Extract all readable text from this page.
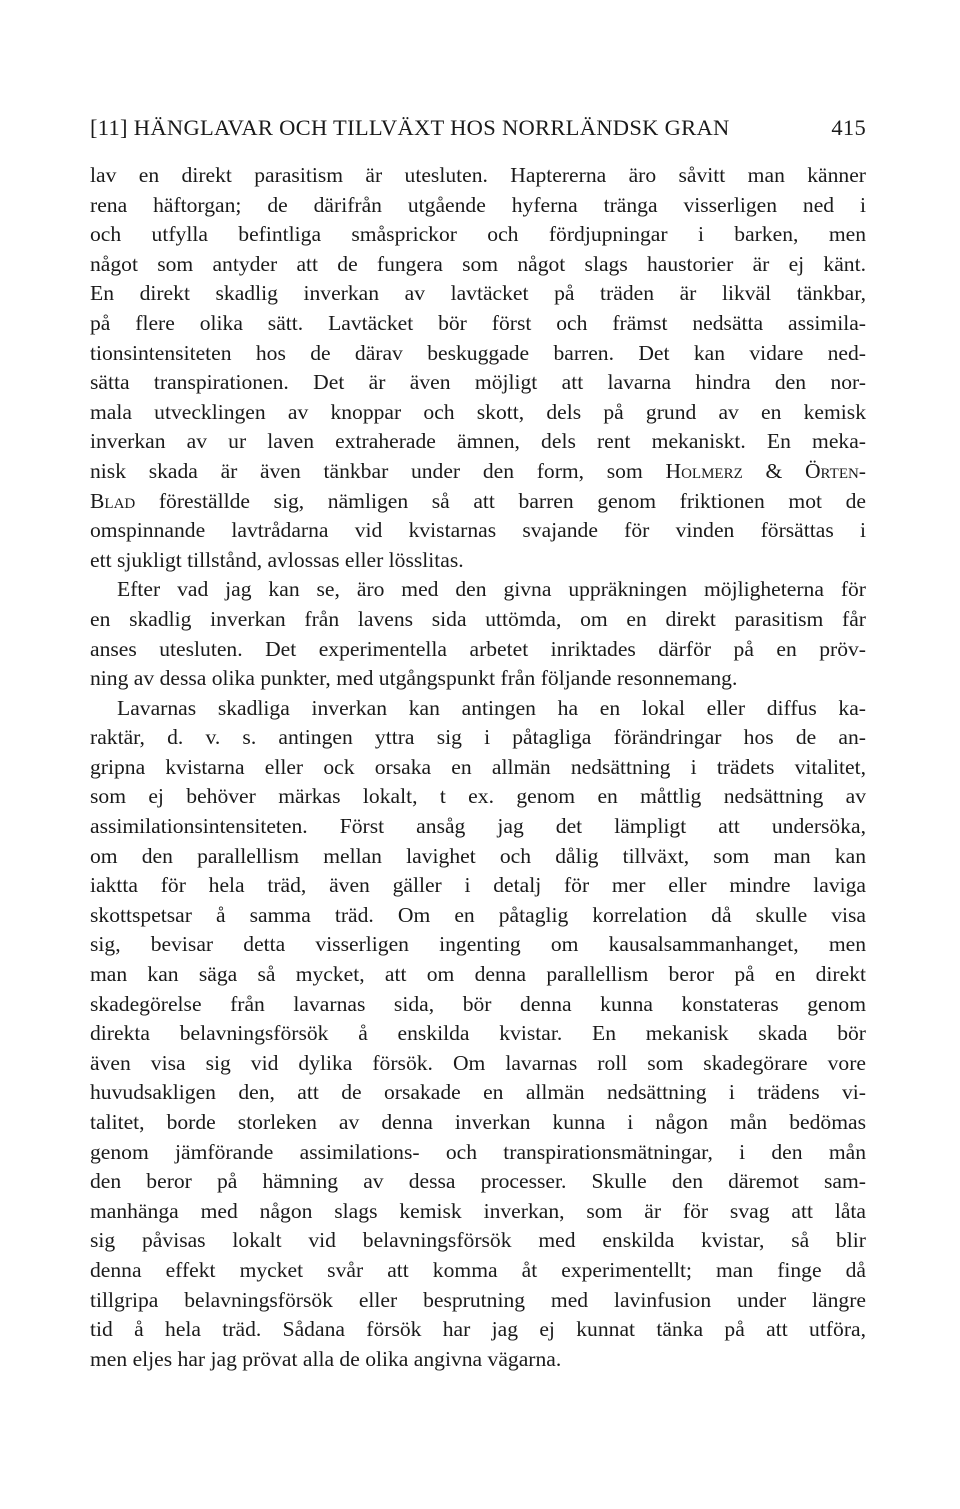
[11] HÄNGLAVAR OCH TILLVÄXT HOS NORRLÄNDSK GRAN	415
lav en direkt parasitism är utesluten. Haptererna äro såvitt man känner
rena häftorgan; de därifrån utgående hyferna tränga visserligen ned i
och utfylla befintliga småsprickor och fördjupningar i barken, men
något som antyder att de fungera som något slags haustorier är ej känt.
En direkt skadlig inverkan av lavtäcket på träden är likväl tänkbar,
på flere olika sätt. Lavtäcket bör först och främst nedsätta assimila-
tionsintensiteten hos de därav beskuggade barren. Det kan vidare ned-
sätta transpirationen. Det är även möjligt att lavarna hindra den nor-
mala utvecklingen av knoppar och skott, dels på grund av en kemisk
inverkan av ur laven extraherade ämnen, dels rent mekaniskt. En meka-
nisk skada är även tänkbar under den form, som Holmerz & Örten-
Blad föreställde sig, nämligen så att barren genom friktionen mot de
omspinnande lavtrådarna vid kvistarnas svajande för vinden försättas i
ett sjukligt tillstånd, avlossas eller lösslitas.
Efter vad jag kan se, äro med den givna uppräkningen möjligheterna för
en skadlig inverkan från lavens sida uttömda, om en direkt parasitism får
anses utesluten. Det experimentella arbetet inriktades därför på en pröv-
ning av dessa olika punkter, med utgångspunkt från följande resonnemang.
Lavarnas skadliga inverkan kan antingen ha en lokal eller diffus ka-
raktär, d. v. s. antingen yttra sig i påtagliga förändringar hos de an-
gripna kvistarna eller ock orsaka en allmän nedsättning i trädets vitalitet,
som ej behöver märkas lokalt, t ex. genom en måttlig nedsättning av
assimilationsintensiteten. Först ansåg jag det lämpligt att undersöka,
om den parallellism mellan lavighet och dålig tillväxt, som man kan
iaktta för hela träd, även gäller i detalj för mer eller mindre laviga
skottspetsar å samma träd. Om en påtaglig korrelation då skulle visa
sig, bevisar detta visserligen ingenting om kausalsammanhanget, men
man kan säga så mycket, att om denna parallellism beror på en direkt
skadegörelse från lavarnas sida, bör denna kunna konstateras genom
direkta belavningsförsök å enskilda kvistar. En mekanisk skada bör
även visa sig vid dylika försök. Om lavarnas roll som skadegörare vore
huvudsakligen den, att de orsakade en allmän nedsättning i trädens vi-
talitet, borde storleken av denna inverkan kunna i någon mån bedömas
genom jämförande assimilations- och transpirationsmätningar, i den mån
den beror på hämning av dessa processer. Skulle den däremot sam-
manhänga med någon slags kemisk inverkan, som är för svag att låta
sig påvisas lokalt vid belavningsförsök med enskilda kvistar, så blir
denna effekt mycket svår att komma åt experimentellt; man finge då
tillgripa belavningsförsök eller besprutning med lavinfusion under längre
tid å hela träd. Sådana försök har jag ej kunnat tänka på att utföra,
men eljes har jag prövat alla de olika angivna vägarna.
